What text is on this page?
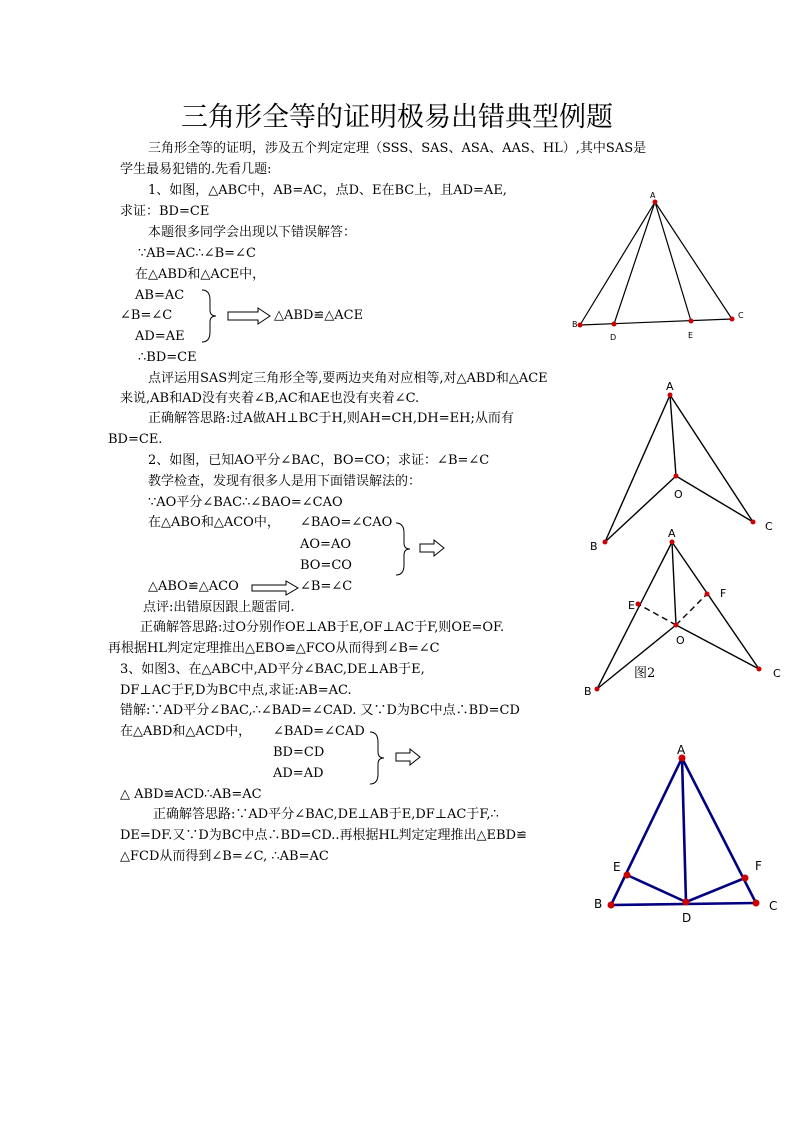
三角形全等的证明极易出错典型例题
三角形全等的证明，涉及五个判定定理（SSS、SAS、ASA、AAS、HL）,其中SAS是
学生最易犯错的.先看几题:
1、如图，△ABC中，AB=AC，点D、E在BC上，且AD=AE,
求证：BD=CE
本题很多同学会出现以下错误解答：
∵AB=AC∴∠B=∠C
在△ABD和△ACE中，
AB=AC
∠B=∠C
AD=AE
△ABD≌△ACE
∴BD=CE
点评运用SAS判定三角形全等,要两边夹角对应相等,对△ABD和△ACE
来说,AB和AD没有夹着∠B,AC和AE也没有夹着∠C.
正确解答思路:过A做AH⊥BC于H,则AH=CH,DH=EH;从而有
BD=CE.
2、如图，已知AO平分∠BAC，BO=CO；求证：∠B=∠C
教学检查，发现有很多人是用下面错误解法的：
∵AO平分∠BAC∴∠BAO=∠CAO
在△ABO和△ACO中， ∠BAO=∠CAO
AO=AO
BO=CO
△ABO≌△ACO	∠B=∠C
点评:出错原因跟上题雷同.
正确解答思路:过O分别作OE⊥AB于E,OF⊥AC于F,则OE=OF.
再根据HL判定定理推出△EBO≌△FCO从而得到∠B=∠C
3、如图3、在△ABC中,AD平分∠BAC,DE⊥AB于E,
DF⊥AC于F,D为BC中点,求证:AB=AC.
错解:∵AD平分∠BAC,∴∠BAD=∠CAD. 又∵D为BC中点∴BD=CD
在△ABD和△ACD中， ∠BAD=∠CAD
BD=CD
AD=AD
△ ABD≌ACD∴AB=AC
正确解答思路:∵AD平分∠BAC,DE⊥AB于E,DF⊥AC于F,∴
DE=DF.又∵D为BC中点∴BD=CD..再根据HL判定定理推出△EBD≌
△FCD从而得到∠B=∠C, ∴AB=AC
A
B
C
D	E
A
B
C
O
A
B
C
O
E
F
图2
A
B	C
D
E	F
